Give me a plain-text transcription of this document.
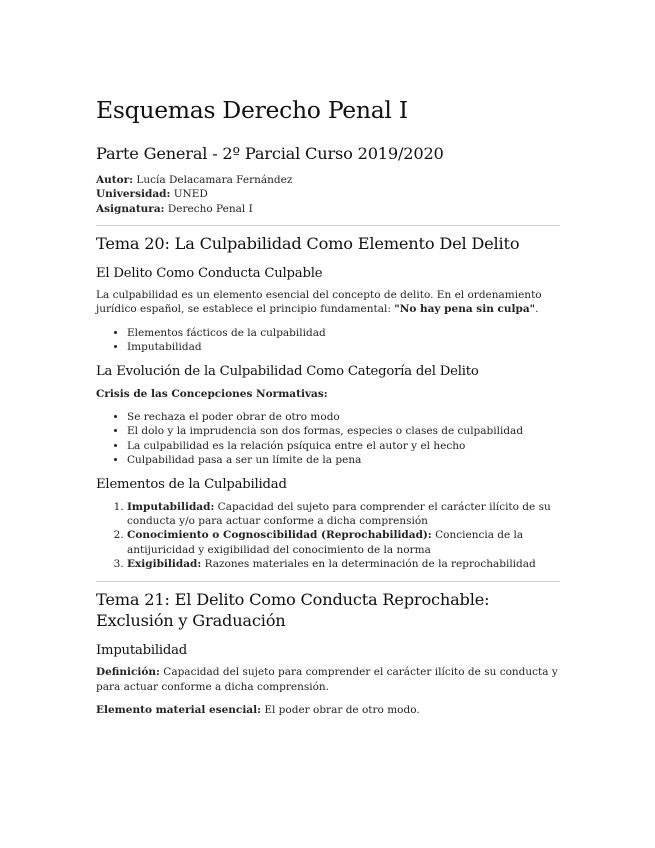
Esquemas Derecho Penal I
Parte General - 2º Parcial Curso 2019/2020
Autor: Lucía Delacamara Fernández
Universidad: UNED
Asignatura: Derecho Penal I
Tema 20: La Culpabilidad Como Elemento Del Delito
El Delito Como Conducta Culpable

La culpabilidad es un elemento esencial del concepto de delito. En el ordenamiento jurídico español, se establece el principio fundamental: "No hay pena sin culpa".

• Elementos fácticos de la culpabilidad
• Imputabilidad
La Evolución de la Culpabilidad Como Categoría del Delito

Crisis de las Concepciones Normativas:

• Se rechaza el poder obrar de otro modo
• El dolo y la imprudencia son dos formas, especies o clases de culpabilidad
• La culpabilidad es la relación psíquica entre el autor y el hecho
• Culpabilidad pasa a ser un límite de la pena
Elementos de la Culpabilidad
1. Imputabilidad: Capacidad del sujeto para comprender el carácter ilícito de su conducta y/o para actuar conforme a dicha comprensión
2. Conocimiento o Cognoscibilidad (Reprochabilidad): Conciencia de la antijuricidad y exigibilidad del conocimiento de la norma
3. Exigibilidad: Razones materiales en la determinación de la reprochabilidad
Tema 21: El Delito Como Conducta Reprochable: Exclusión y Graduación
Imputabilidad

Definición: Capacidad del sujeto para comprender el carácter ilícito de su conducta y para actuar conforme a dicha comprensión.

Elemento material esencial: El poder obrar de otro modo.
